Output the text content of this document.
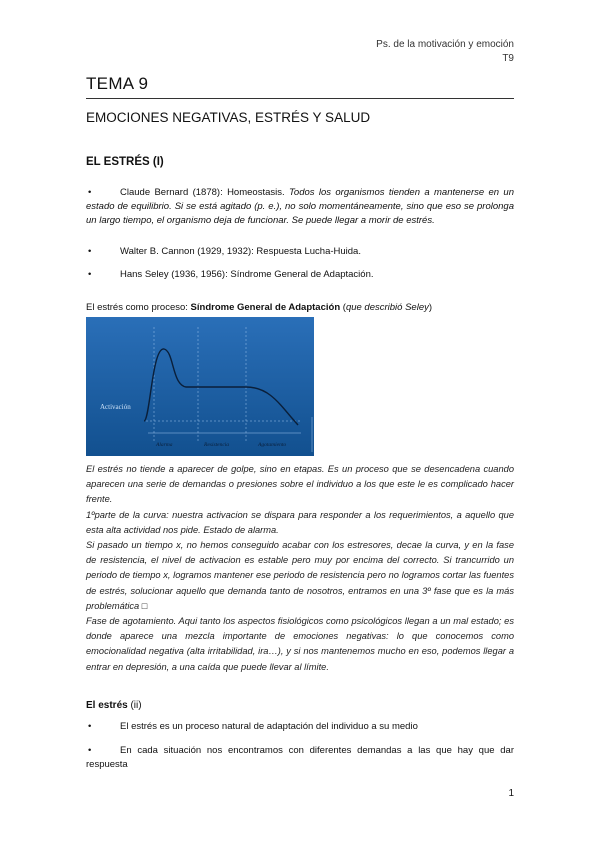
Ps. de la motivación y emoción
T9
TEMA 9
EMOCIONES NEGATIVAS, ESTRÉS Y SALUD
EL ESTRÉS (I)
•	Claude Bernard (1878): Homeostasis. Todos los organismos tienden a mantenerse en un estado de equilibrio. Si se está agitado (p. e.), no solo momentáneamente, sino que eso se prolonga un largo tiempo, el organismo deja de funcionar. Se puede llegar a morir de estrés.
•	Walter B. Cannon (1929, 1932): Respuesta Lucha-Huida.
•	Hans Seley (1936, 1956): Síndrome General de Adaptación.
El estrés como proceso: Síndrome General de Adaptación (que describió Seley)
Activación
Alarma	Resistencia	Agotamiento

El estrés no tiende a aparecer de golpe, sino en etapas. Es un proceso que se desencadena cuando aparecen una serie de demandas o presiones sobre el individuo a los que este le es complicado hacer frente.

1ºparte de la curva: nuestra activacion se dispara para responder a los requerimientos, a aquello que esta alta actividad nos pide. Estado de alarma.

Si pasado un tiempo x, no hemos conseguido acabar con los estresores, decae la curva, y en la fase de resistencia, el nivel de activacion es estable pero muy por encima del correcto. Si trancurrido un periodo de tiempo x, logramos mantener ese periodo de resistencia pero no logramos cortar las fuentes de estrés, solucionar aquello que demanda tanto de nosotros, entramos en una 3º fase que es la más problemática □

Fase de agotamiento. Aqui tanto los aspectos fisiológicos como psicológicos llegan a un mal estado; es donde aparece una mezcla importante de emociones negativas: lo que conocemos como emocionalidad negativa (alta irritabilidad, ira…), y si nos mantenemos mucho en eso, podemos llegar a entrar en depresión, a una caída que puede llevar al límite.

El estrés (ii)
•	El estrés es un proceso natural de adaptación del individuo a su medio
•	En cada situación nos encontramos con diferentes demandas a las que hay que dar respuesta
1
